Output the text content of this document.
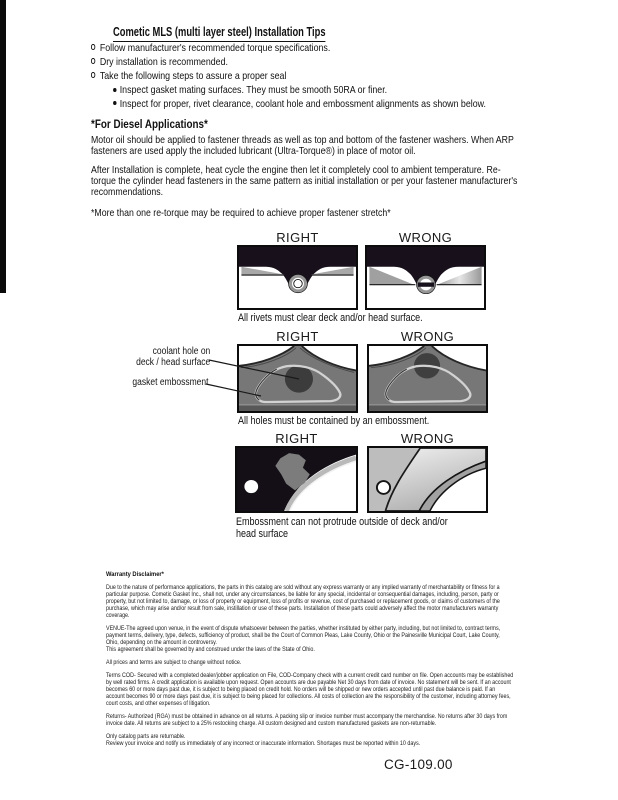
Cometic MLS (multi layer steel) Installation Tips
Follow manufacturer's recommended torque specifications.
Dry installation is recommended.
Take the following steps to assure a proper seal
Inspect gasket mating surfaces. They must be smooth 50RA or finer.
Inspect for proper, rivet clearance, coolant hole and embossment alignments as shown below.
*For Diesel Applications*
Motor oil should be applied to fastener threads as well as top and bottom of the fastener washers. When ARP fasteners are used apply the included lubricant (Ultra-Torque®) in place of motor oil.
After Installation is complete, heat cycle the engine then let it completely cool to ambient temperature. Re-torque the cylinder head fasteners in the same pattern as initial installation or per your fastener manufacturer's recommendations.
*More than one re-torque may be required to achieve proper fastener stretch*
RIGHT	WRONG
All rivets must clear deck and/or head surface.
RIGHT	WRONG
coolant hole on
deck / head surface
gasket embossment
All holes must be contained by an embossment.
RIGHT	WRONG
Embossment can not protrude outside of deck and/or head surface
Warranty Disclaimer*

Due to the nature of performance applications, the parts in this catalog are sold without any express warranty or any implied warranty of merchantability or fitness for a particular purpose. Cometic Gasket Inc., shall not, under any circumstances, be liable for any special, incidental or consequential damages, including, person, party or property, but not limited to, damage, or loss of property or equipment, loss of profits or revenue, cost of purchased or replacement goods, or claims of customers of the purchase, which may arise and/or result from sale, instillation or use of these parts. Installation of these parts could adversely affect the motor manufacturers warranty coverage.

VENUE-The agreed upon venue, in the event of dispute whatsoever between the parties, whether instituted by either party, including, but not limited to, contract terms, payment terms, delivery, type, defects, sufficiency of product, shall be the Court of Common Pleas, Lake County, Ohio or the Painesville Municipal Court, Lake County, Ohio, depending on the amount in controversy.

This agreement shall be governed by and construed under the laws of the State of Ohio.

All prices and terms are subject to change without notice.

Terms COD- Secured with a completed dealer/jobber application on File, COD-Company check with a current credit card number on file. Open accounts may be established by well rated firms. A credit application is available upon request. Open accounts are due payable Net 30 days from date of invoice. No statement will be sent. If an account becomes 60 or more days past due, it is subject to being placed on credit hold. No orders will be shipped or new orders accepted until past due balance is paid. If an account becomes 90 or more days past due, it is subject to being placed for collections. All costs of collection are the responsibility of the customer, including attorney fees, court costs, and other expenses of litigation.

Returns- Authorized (RGA) must be obtained in advance on all returns. A packing slip or invoice number must accompany the merchandise. No returns after 30 days from invoice date. All returns are subject to a 25% restocking charge. All custom designed and custom manufactured gaskets are non-returnable.

Only catalog parts are returnable.

Review your invoice and notify us immediately of any incorrect or inaccurate information. Shortages must be reported within 10 days.

CG-109.00
